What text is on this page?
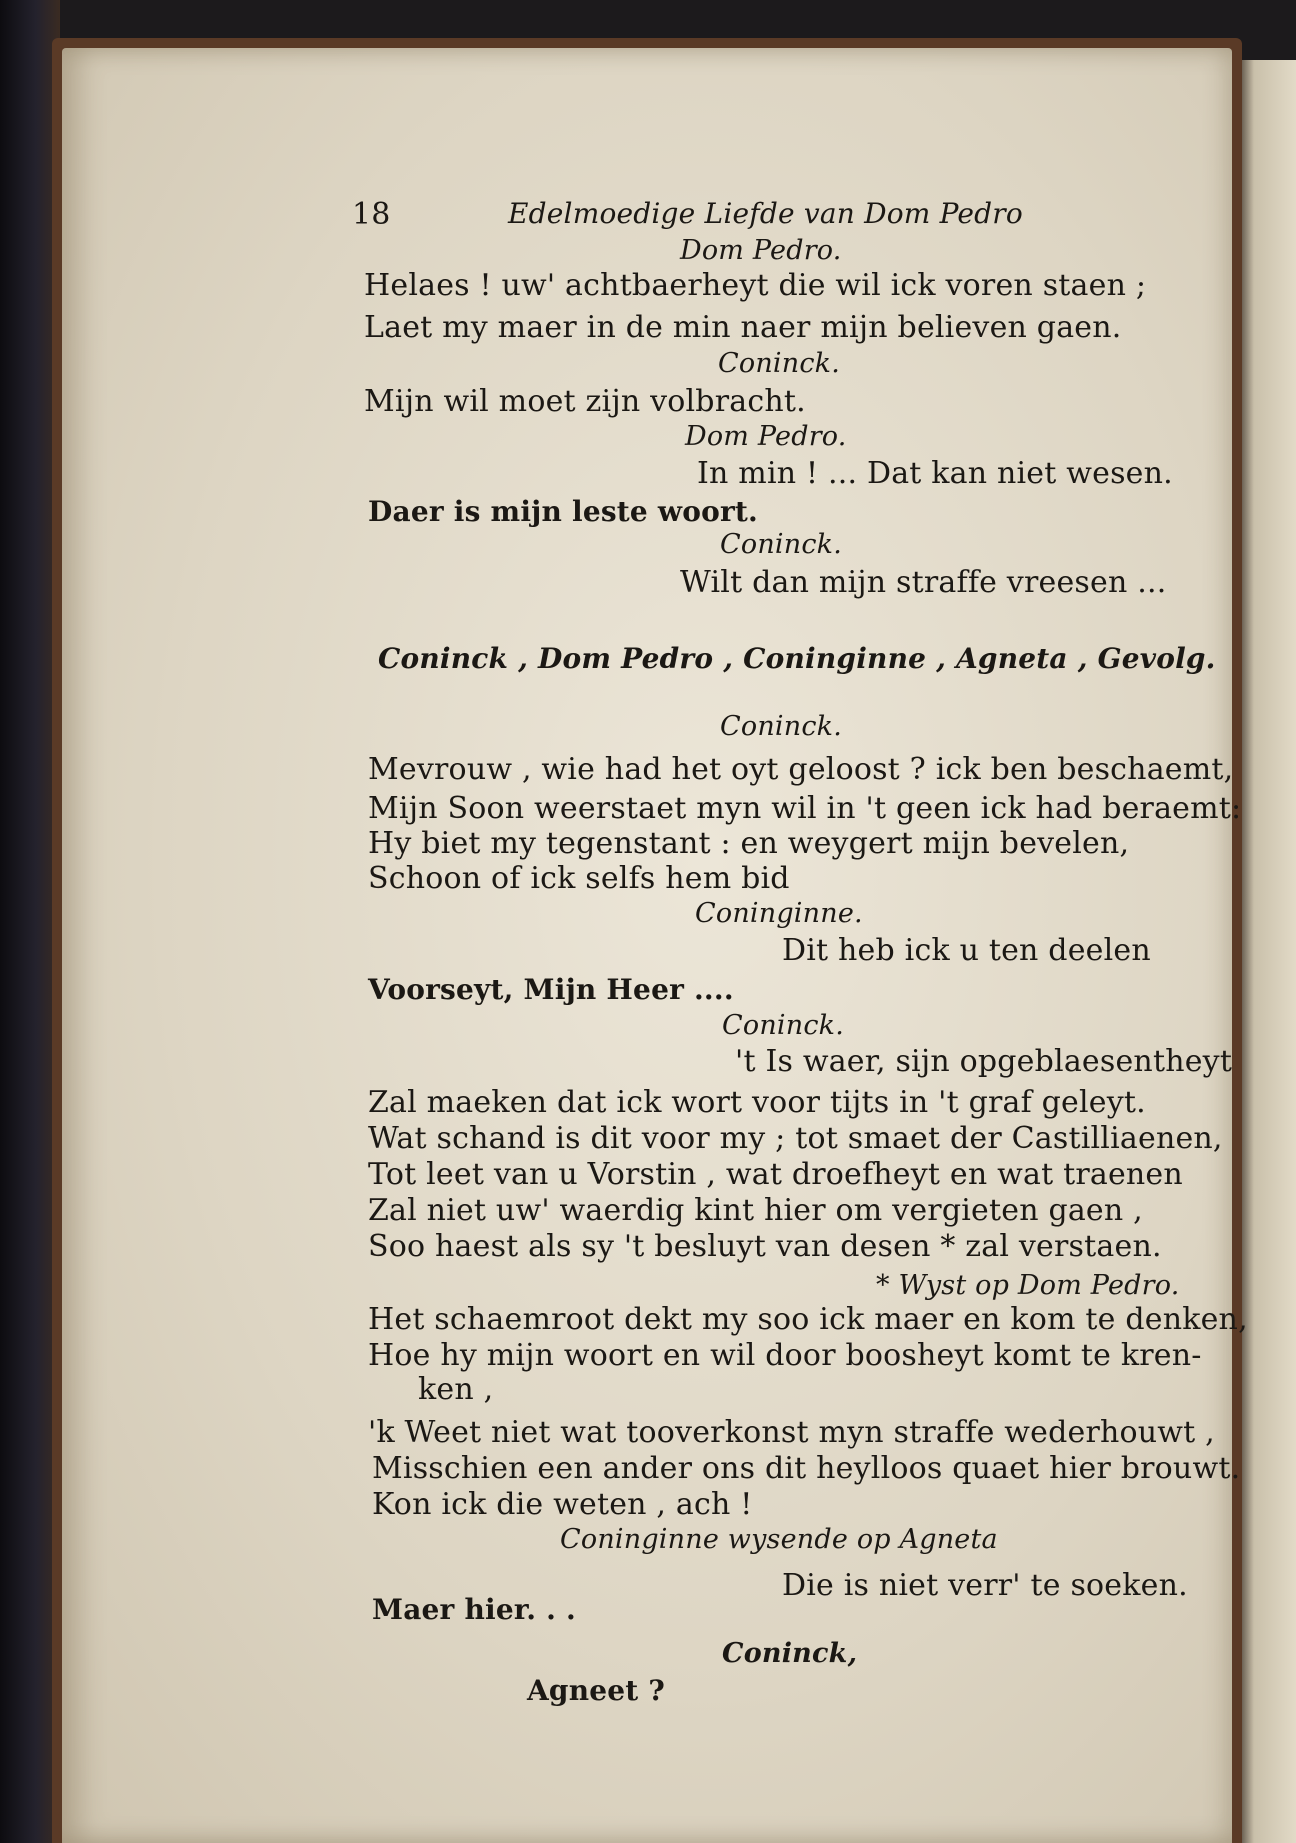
18	Edelmoedige Liefde van Dom Pedro
Dom Pedro.
Helaes ! uw' achtbaerheyt die wil ick voren staen ;
Laet my maer in de min naer mijn believen gaen.
Coninck.
Mijn wil moet zijn volbracht.
Dom Pedro.
In min ! ... Dat kan niet wesen.
Daer is mijn leste woort.
Coninck.
Wilt dan mijn straffe vreesen ...
Coninck , Dom Pedro , Coninginne , Agneta , Gevolg.
Coninck.
Mevrouw , wie had het oyt geloost ? ick ben beschaemt,
Mijn Soon weerstaet myn wil in 't geen ick had beraemt:
Hy biet my tegenstant : en weygert mijn bevelen,
Schoon of ick selfs hem bid
Coninginne.
Dit heb ick u ten deelen
Voorseyt, Mijn Heer ....
Coninck.
't Is waer, sijn opgeblaesentheyt
Zal maeken dat ick wort voor tijts in 't graf geleyt.
Wat schand is dit voor my ; tot smaet der Castilliaenen,
Tot leet van u Vorstin , wat droefheyt en wat traenen
Zal niet uw' waerdig kint hier om vergieten gaen ,
Soo haest als sy 't besluyt van desen * zal verstaen.
* Wyst op Dom Pedro.
Het schaemroot dekt my soo ick maer en kom te denken,
Hoe hy mijn woort en wil door boosheyt komt te kren-
ken ,
'k Weet niet wat tooverkonst myn straffe wederhouwt ,
Misschien een ander ons dit heylloos quaet hier brouwt.
Kon ick die weten , ach !
Coninginne wysende op Agneta
Die is niet verr' te soeken.
Maer hier. . .
Coninck,
Agneet ?
